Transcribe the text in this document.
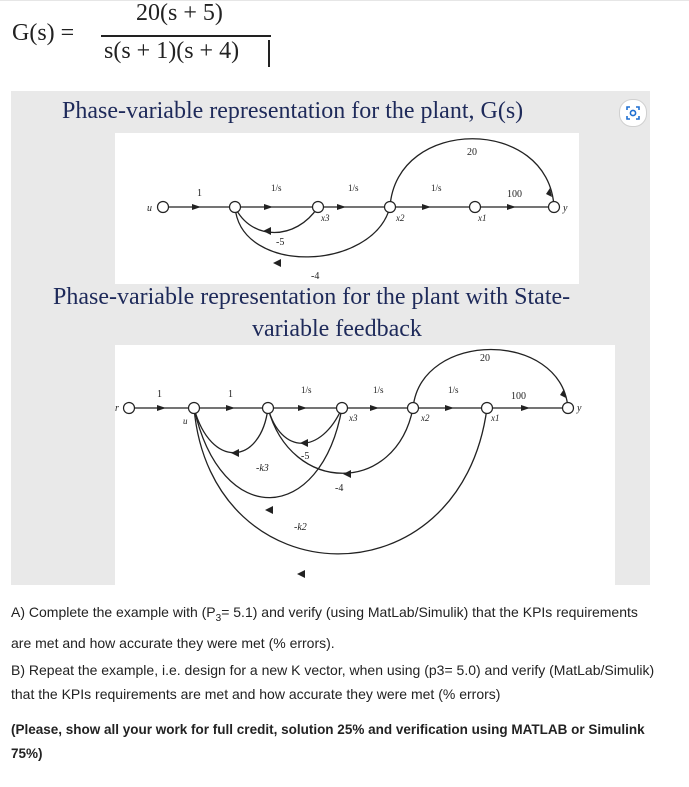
G(s) =
20(s + 5)
s(s + 1)(s + 4)
Phase-variable representation for the plant, G(s)
Phase-variable representation for the plant with State-
variable feedback
u
1	1/s	1/s	1/s
20
100
x3	x2	x1
y
-5
-4
r
1
u
1	1/s	1/s	1/s
20
100
x3	x2	x1
y
-5
-k3
-4
-k2
-k1
A) Complete the example with $(P_3= 5.1)$ and verify (using MatLab/Simulik) that the KPIs requirements
are met and how accurate they were met (% errors).
B) Repeat the example, i.e. design for a new K vector, when using (p3= 5.0) and verify (MatLab/Simulik)
that the KPIs requirements are met and how accurate they were met (% errors)
(Please, show all your work for full credit, solution 25% and verification using MATLAB or Simulink
75%)
